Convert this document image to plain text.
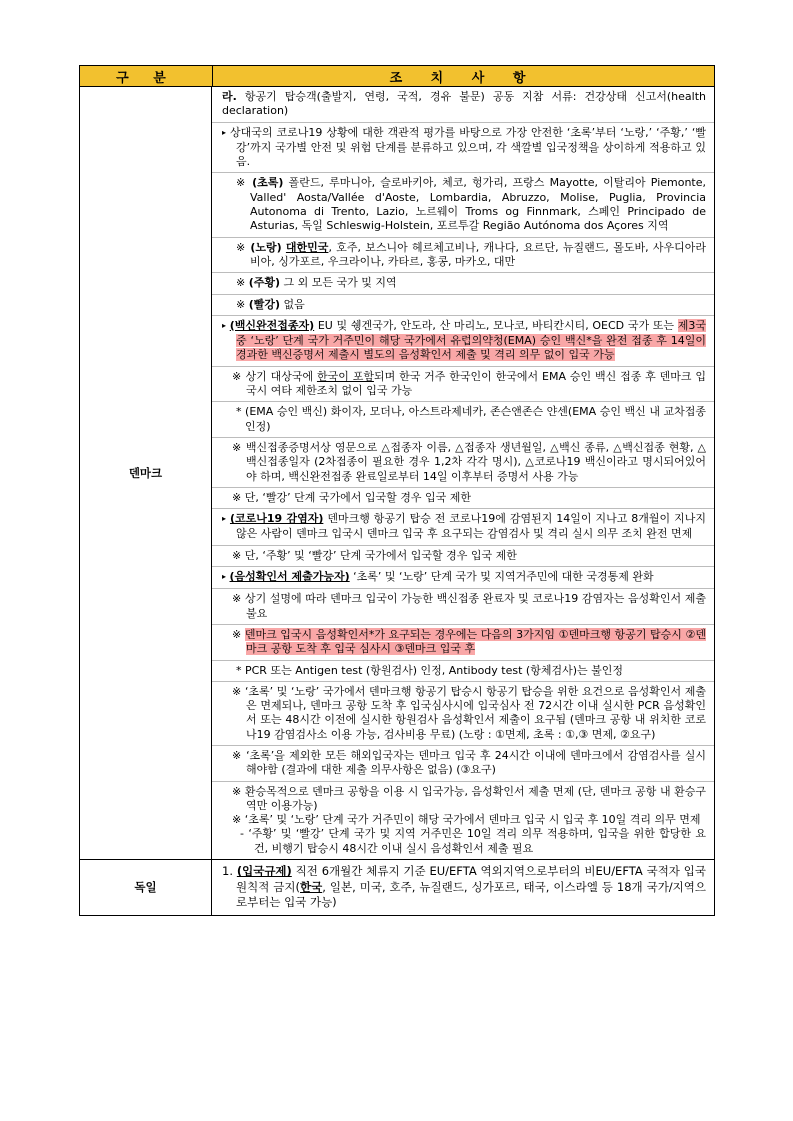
구 분	조 치 사 항
덴마크
라. 항공기 탑승객(출발지, 연령, 국적, 경유 불문) 공동 지참 서류: 건강상태 신고서(health declaration)
▸ 상대국의 코로나19 상황에 대한 객관적 평가를 바탕으로 가장 안전한 ‘초록’부터 ‘노랑,’ ‘주황,’ ‘빨강’까지 국가별 안전 및 위험 단계를 분류하고 있으며, 각 색깔별 입국정책을 상이하게 적용하고 있음.
※ (초록) 폴란드, 루마니아, 슬로바키아, 체코, 헝가리, 프랑스 Mayotte, 이탈리아 Piemonte, Valled' Aosta/Vallée d'Aoste, Lombardia, Abruzzo, Molise, Puglia, Provincia Autonoma di Trento, Lazio, 노르웨이 Troms og Finnmark, 스페인 Principado de Asturias, 독일 Schleswig-Holstein, 포르투갈 Região Autónoma dos Açores 지역
※ (노랑) 대한민국, 호주, 보스니아 헤르체고비나, 캐나다, 요르단, 뉴질랜드, 몰도바, 사우디아라비아, 싱가포르, 우크라이나, 카타르, 홍콩, 마카오, 대만
※ (주황) 그 외 모든 국가 및 지역
※ (빨강) 없음
▸ (백신완전접종자) EU 및 쉥겐국가, 안도라, 산 마리노, 모나코, 바티칸시티, OECD 국가 또는 제3국 중 ‘노랑’ 단계 국가 거주민이 해당 국가에서 유럽의약청(EMA) 승인 백신*을 완전 접종 후 14일이 경과한 백신증명서 제출시 별도의 음성확인서 제출 및 격리 의무 없이 입국 가능
※ 상기 대상국에 한국이 포함되며 한국 거주 한국인이 한국에서 EMA 승인 백신 접종 후 덴마크 입국시 여타 제한조치 없이 입국 가능
* (EMA 승인 백신) 화이자, 모더나, 아스트라제네카, 존슨앤존슨 얀센(EMA 승인 백신 내 교차접종 인정)
※ 백신접종증명서상 영문으로 △접종자 이름, △접종자 생년월일, △백신 종류, △백신접종 현황, △백신접종일자 (2차접종이 필요한 경우 1,2차 각각 명시), △코로나19 백신이라고 명시되어있어야 하며, 백신완전접종 완료일로부터 14일 이후부터 증명서 사용 가능
※ 단, ‘빨강’ 단계 국가에서 입국할 경우 입국 제한
▸ (코로나19 감염자) 덴마크행 항공기 탑승 전 코로나19에 감염된지 14일이 지나고 8개월이 지나지 않은 사람이 덴마크 입국시 덴마크 입국 후 요구되는 감염검사 및 격리 실시 의무 조치 완전 면제
※ 단, ‘주황’ 및 ‘빨강’ 단계 국가에서 입국할 경우 입국 제한
▸ (음성확인서 제출가능자) ‘초록’ 및 ‘노랑’ 단계 국가 및 지역거주민에 대한 국경통제 완화
※ 상기 설명에 따라 덴마크 입국이 가능한 백신접종 완료자 및 코로나19 감염자는 음성확인서 제출 불요
※ 덴마크 입국시 음성확인서*가 요구되는 경우에는 다음의 3가지임 ①덴마크행 항공기 탑승시 ②덴마크 공항 도착 후 입국 심사시 ③덴마크 입국 후
* PCR 또는 Antigen test (항원검사) 인정, Antibody test (항체검사)는 불인정
※ ‘초록’ 및 ‘노랑’ 국가에서 덴마크행 항공기 탑승시 항공기 탑승을 위한 요건으로 음성확인서 제출은 면제되나, 덴마크 공항 도착 후 입국심사시에 입국심사 전 72시간 이내 실시한 PCR 음성확인서 또는 48시간 이전에 실시한 항원검사 음성확인서 제출이 요구됨 (덴마크 공항 내 위치한 코로나19 감염검사소 이용 가능, 검사비용 무료) (노랑 : ①면제, 초록 : ①,③ 면제, ②요구)
※ ‘초록’을 제외한 모든 해외입국자는 덴마크 입국 후 24시간 이내에 덴마크에서 감염검사를 실시해야함 (결과에 대한 제출 의무사항은 없음) (③요구)
※ 환승목적으로 덴마크 공항을 이용 시 입국가능, 음성확인서 제출 면제 (단, 덴마크 공항 내 환승구역만 이용가능)
※ ‘초록’ 및 ‘노랑’ 단계 국가 거주민이 해당 국가에서 덴마크 입국 시 입국 후 10일 격리 의무 면제
- ‘주황’ 및 ‘빨강’ 단계 국가 및 지역 거주민은 10일 격리 의무 적용하며, 입국을 위한 합당한 요건, 비행기 탑승시 48시간 이내 실시 음성확인서 제출 필요
독일
1. (입국규제) 직전 6개월간 체류지 기준 EU/EFTA 역외지역으로부터의 비EU/EFTA 국적자 입국 원칙적 금지(한국, 일본, 미국, 호주, 뉴질랜드, 싱가포르, 태국, 이스라엘 등 18개 국가/지역으로부터는 입국 가능)
